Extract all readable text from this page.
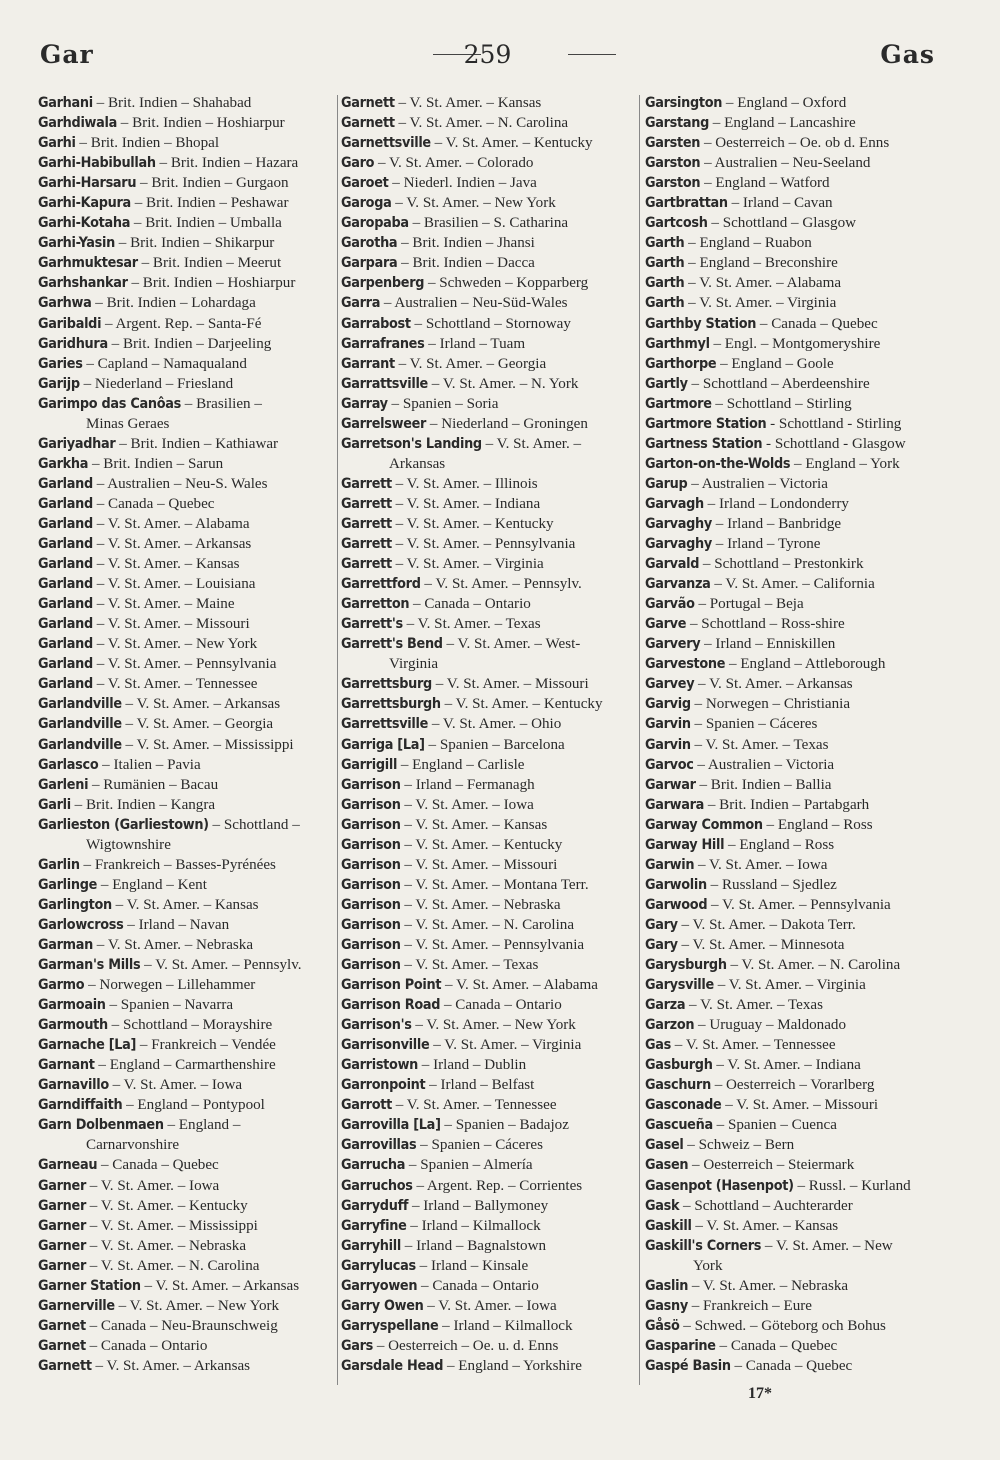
Gar	259	Gas
Garhani – Brit. Indien – Shahabad
Garhdiwala – Brit. Indien – Hoshiarpur
Garhi – Brit. Indien – Bhopal
Garhi-Habibullah – Brit. Indien – Hazara
Garhi-Harsaru – Brit. Indien – Gurgaon
Garhi-Kapura – Brit. Indien – Peshawar
Garhi-Kotaha – Brit. Indien – Umballa
Garhi-Yasin – Brit. Indien – Shikarpur
Garhmuktesar – Brit. Indien – Meerut
Garhshankar – Brit. Indien – Hoshiarpur
Garhwa – Brit. Indien – Lohardaga
Garibaldi – Argent. Rep. – Santa-Fé
Garidhura – Brit. Indien – Darjeeling
Garies – Capland – Namaqualand
Garijp – Niederland – Friesland
Garimpo das Canôas – Brasilien –
Minas Geraes
Gariyadhar – Brit. Indien – Kathiawar
Garkha – Brit. Indien – Sarun
Garland – Australien – Neu-S. Wales
Garland – Canada – Quebec
Garland – V. St. Amer. – Alabama
Garland – V. St. Amer. – Arkansas
Garland – V. St. Amer. – Kansas
Garland – V. St. Amer. – Louisiana
Garland – V. St. Amer. – Maine
Garland – V. St. Amer. – Missouri
Garland – V. St. Amer. – New York
Garland – V. St. Amer. – Pennsylvania
Garland – V. St. Amer. – Tennessee
Garlandville – V. St. Amer. – Arkansas
Garlandville – V. St. Amer. – Georgia
Garlandville – V. St. Amer. – Mississippi
Garlasco – Italien – Pavia
Garleni – Rumänien – Bacau
Garli – Brit. Indien – Kangra
Garlieston (Garliestown) – Schottland –
Wigtownshire
Garlin – Frankreich – Basses-Pyrénées
Garlinge – England – Kent
Garlington – V. St. Amer. – Kansas
Garlowcross – Irland – Navan
Garman – V. St. Amer. – Nebraska
Garman's Mills – V. St. Amer. – Pennsylv.
Garmo – Norwegen – Lillehammer
Garmoain – Spanien – Navarra
Garmouth – Schottland – Morayshire
Garnache [La] – Frankreich – Vendée
Garnant – England – Carmarthenshire
Garnavillo – V. St. Amer. – Iowa
Garndiffaith – England – Pontypool
Garn Dolbenmaen – England –
Carnarvonshire
Garneau – Canada – Quebec
Garner – V. St. Amer. – Iowa
Garner – V. St. Amer. – Kentucky
Garner – V. St. Amer. – Mississippi
Garner – V. St. Amer. – Nebraska
Garner – V. St. Amer. – N. Carolina
Garner Station – V. St. Amer. – Arkansas
Garnerville – V. St. Amer. – New York
Garnet – Canada – Neu-Braunschweig
Garnet – Canada – Ontario
Garnett – V. St. Amer. – Arkansas
Garnett – V. St. Amer. – Kansas
Garnett – V. St. Amer. – N. Carolina
Garnettsville – V. St. Amer. – Kentucky
Garo – V. St. Amer. – Colorado
Garoet – Niederl. Indien – Java
Garoga – V. St. Amer. – New York
Garopaba – Brasilien – S. Catharina
Garotha – Brit. Indien – Jhansi
Garpara – Brit. Indien – Dacca
Garpenberg – Schweden – Kopparberg
Garra – Australien – Neu-Süd-Wales
Garrabost – Schottland – Stornoway
Garrafranes – Irland – Tuam
Garrant – V. St. Amer. – Georgia
Garrattsville – V. St. Amer. – N. York
Garray – Spanien – Soria
Garrelsweer – Niederland – Groningen
Garretson's Landing – V. St. Amer. –
Arkansas
Garrett – V. St. Amer. – Illinois
Garrett – V. St. Amer. – Indiana
Garrett – V. St. Amer. – Kentucky
Garrett – V. St. Amer. – Pennsylvania
Garrett – V. St. Amer. – Virginia
Garrettford – V. St. Amer. – Pennsylv.
Garretton – Canada – Ontario
Garrett's – V. St. Amer. – Texas
Garrett's Bend – V. St. Amer. – West-
Virginia
Garrettsburg – V. St. Amer. – Missouri
Garrettsburgh – V. St. Amer. – Kentucky
Garrettsville – V. St. Amer. – Ohio
Garriga [La] – Spanien – Barcelona
Garrigill – England – Carlisle
Garrison – Irland – Fermanagh
Garrison – V. St. Amer. – Iowa
Garrison – V. St. Amer. – Kansas
Garrison – V. St. Amer. – Kentucky
Garrison – V. St. Amer. – Missouri
Garrison – V. St. Amer. – Montana Terr.
Garrison – V. St. Amer. – Nebraska
Garrison – V. St. Amer. – N. Carolina
Garrison – V. St. Amer. – Pennsylvania
Garrison – V. St. Amer. – Texas
Garrison Point – V. St. Amer. – Alabama
Garrison Road – Canada – Ontario
Garrison's – V. St. Amer. – New York
Garrisonville – V. St. Amer. – Virginia
Garristown – Irland – Dublin
Garronpoint – Irland – Belfast
Garrott – V. St. Amer. – Tennessee
Garrovilla [La] – Spanien – Badajoz
Garrovillas – Spanien – Cáceres
Garrucha – Spanien – Almería
Garruchos – Argent. Rep. – Corrientes
Garryduff – Irland – Ballymoney
Garryfine – Irland – Kilmallock
Garryhill – Irland – Bagnalstown
Garrylucas – Irland – Kinsale
Garryowen – Canada – Ontario
Garry Owen – V. St. Amer. – Iowa
Garryspellane – Irland – Kilmallock
Gars – Oesterreich – Oe. u. d. Enns
Garsdale Head – England – Yorkshire
Garsington – England – Oxford
Garstang – England – Lancashire
Garsten – Oesterreich – Oe. ob d. Enns
Garston – Australien – Neu-Seeland
Garston – England – Watford
Gartbrattan – Irland – Cavan
Gartcosh – Schottland – Glasgow
Garth – England – Ruabon
Garth – England – Breconshire
Garth – V. St. Amer. – Alabama
Garth – V. St. Amer. – Virginia
Garthby Station – Canada – Quebec
Garthmyl – Engl. – Montgomeryshire
Garthorpe – England – Goole
Gartly – Schottland – Aberdeenshire
Gartmore – Schottland – Stirling
Gartmore Station - Schottland - Stirling
Gartness Station - Schottland - Glasgow
Garton-on-the-Wolds – England – York
Garup – Australien – Victoria
Garvagh – Irland – Londonderry
Garvaghy – Irland – Banbridge
Garvaghy – Irland – Tyrone
Garvald – Schottland – Prestonkirk
Garvanza – V. St. Amer. – California
Garvão – Portugal – Beja
Garve – Schottland – Ross-shire
Garvery – Irland – Enniskillen
Garvestone – England – Attleborough
Garvey – V. St. Amer. – Arkansas
Garvig – Norwegen – Christiania
Garvin – Spanien – Cáceres
Garvin – V. St. Amer. – Texas
Garvoc – Australien – Victoria
Garwar – Brit. Indien – Ballia
Garwara – Brit. Indien – Partabgarh
Garway Common – England – Ross
Garway Hill – England – Ross
Garwin – V. St. Amer. – Iowa
Garwolin – Russland – Sjedlez
Garwood – V. St. Amer. – Pennsylvania
Gary – V. St. Amer. – Dakota Terr.
Gary – V. St. Amer. – Minnesota
Garysburgh – V. St. Amer. – N. Carolina
Garysville – V. St. Amer. – Virginia
Garza – V. St. Amer. – Texas
Garzon – Uruguay – Maldonado
Gas – V. St. Amer. – Tennessee
Gasburgh – V. St. Amer. – Indiana
Gaschurn – Oesterreich – Vorarlberg
Gasconade – V. St. Amer. – Missouri
Gascueña – Spanien – Cuenca
Gasel – Schweiz – Bern
Gasen – Oesterreich – Steiermark
Gasenpot (Hasenpot) – Russl. – Kurland
Gask – Schottland – Auchterarder
Gaskill – V. St. Amer. – Kansas
Gaskill's Corners – V. St. Amer. – New
York
Gaslin – V. St. Amer. – Nebraska
Gasny – Frankreich – Eure
Gåsö – Schwed. – Göteborg och Bohus
Gasparine – Canada – Quebec
Gaspé Basin – Canada – Quebec
17*
